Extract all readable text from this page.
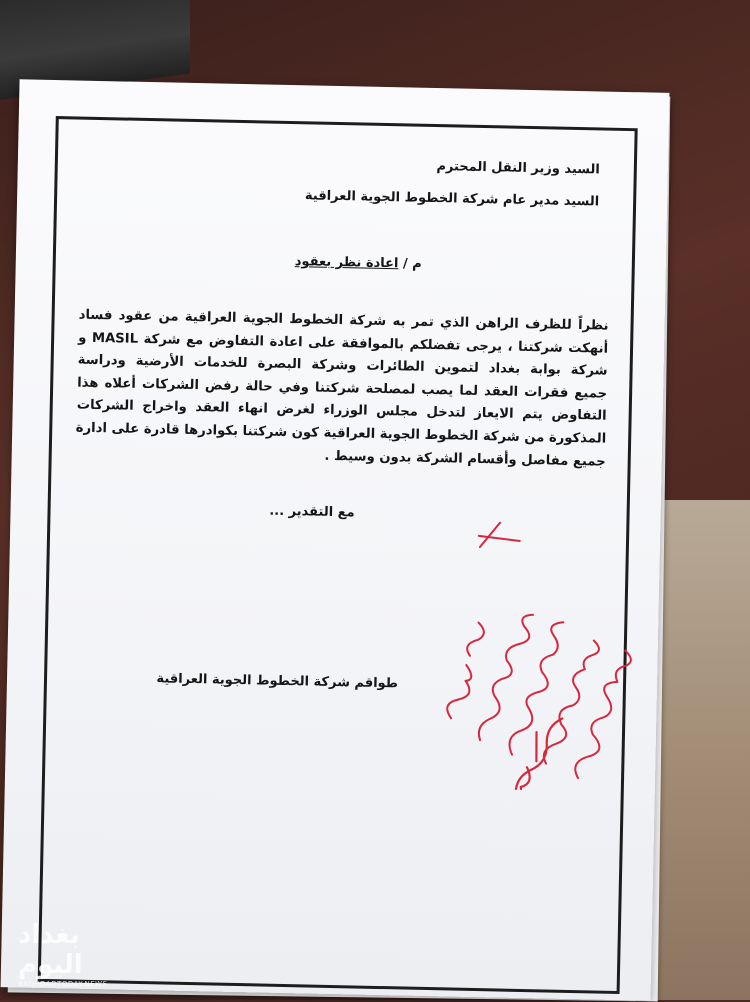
السيد وزير النقل المحترم
السيد مدير عام شركة الخطوط الجوية العراقية
م / اعادة نظر بعقود
نظراً للظرف الراهن الذي تمر به شركة الخطوط الجوية العراقية من عقود فساد
أنهكت شركتنا ، يرجى تفضلكم بالموافقة على اعادة التفاوض مع شركة MASIL و
شركة بوابة بغداد لتموين الطائرات وشركة البصرة للخدمات الأرضية ودراسة
جميع فقرات العقد لما يصب لمصلحة شركتنا وفي حالة رفض الشركات أعلاه هذا
التفاوض يتم الايعاز لتدخل مجلس الوزراء لغرض انهاء العقد واخراج الشركات
المذكورة من شركة الخطوط الجوية العراقية كون شركتنا بكوادرها قادرة على ادارة
جميع مفاصل وأقسام الشركة بدون وسيط .
مع التقدير ...
طواقم شركة الخطوط الجوية العراقية
بغداد اليوم
BAGHDADTODAY.NEWS
